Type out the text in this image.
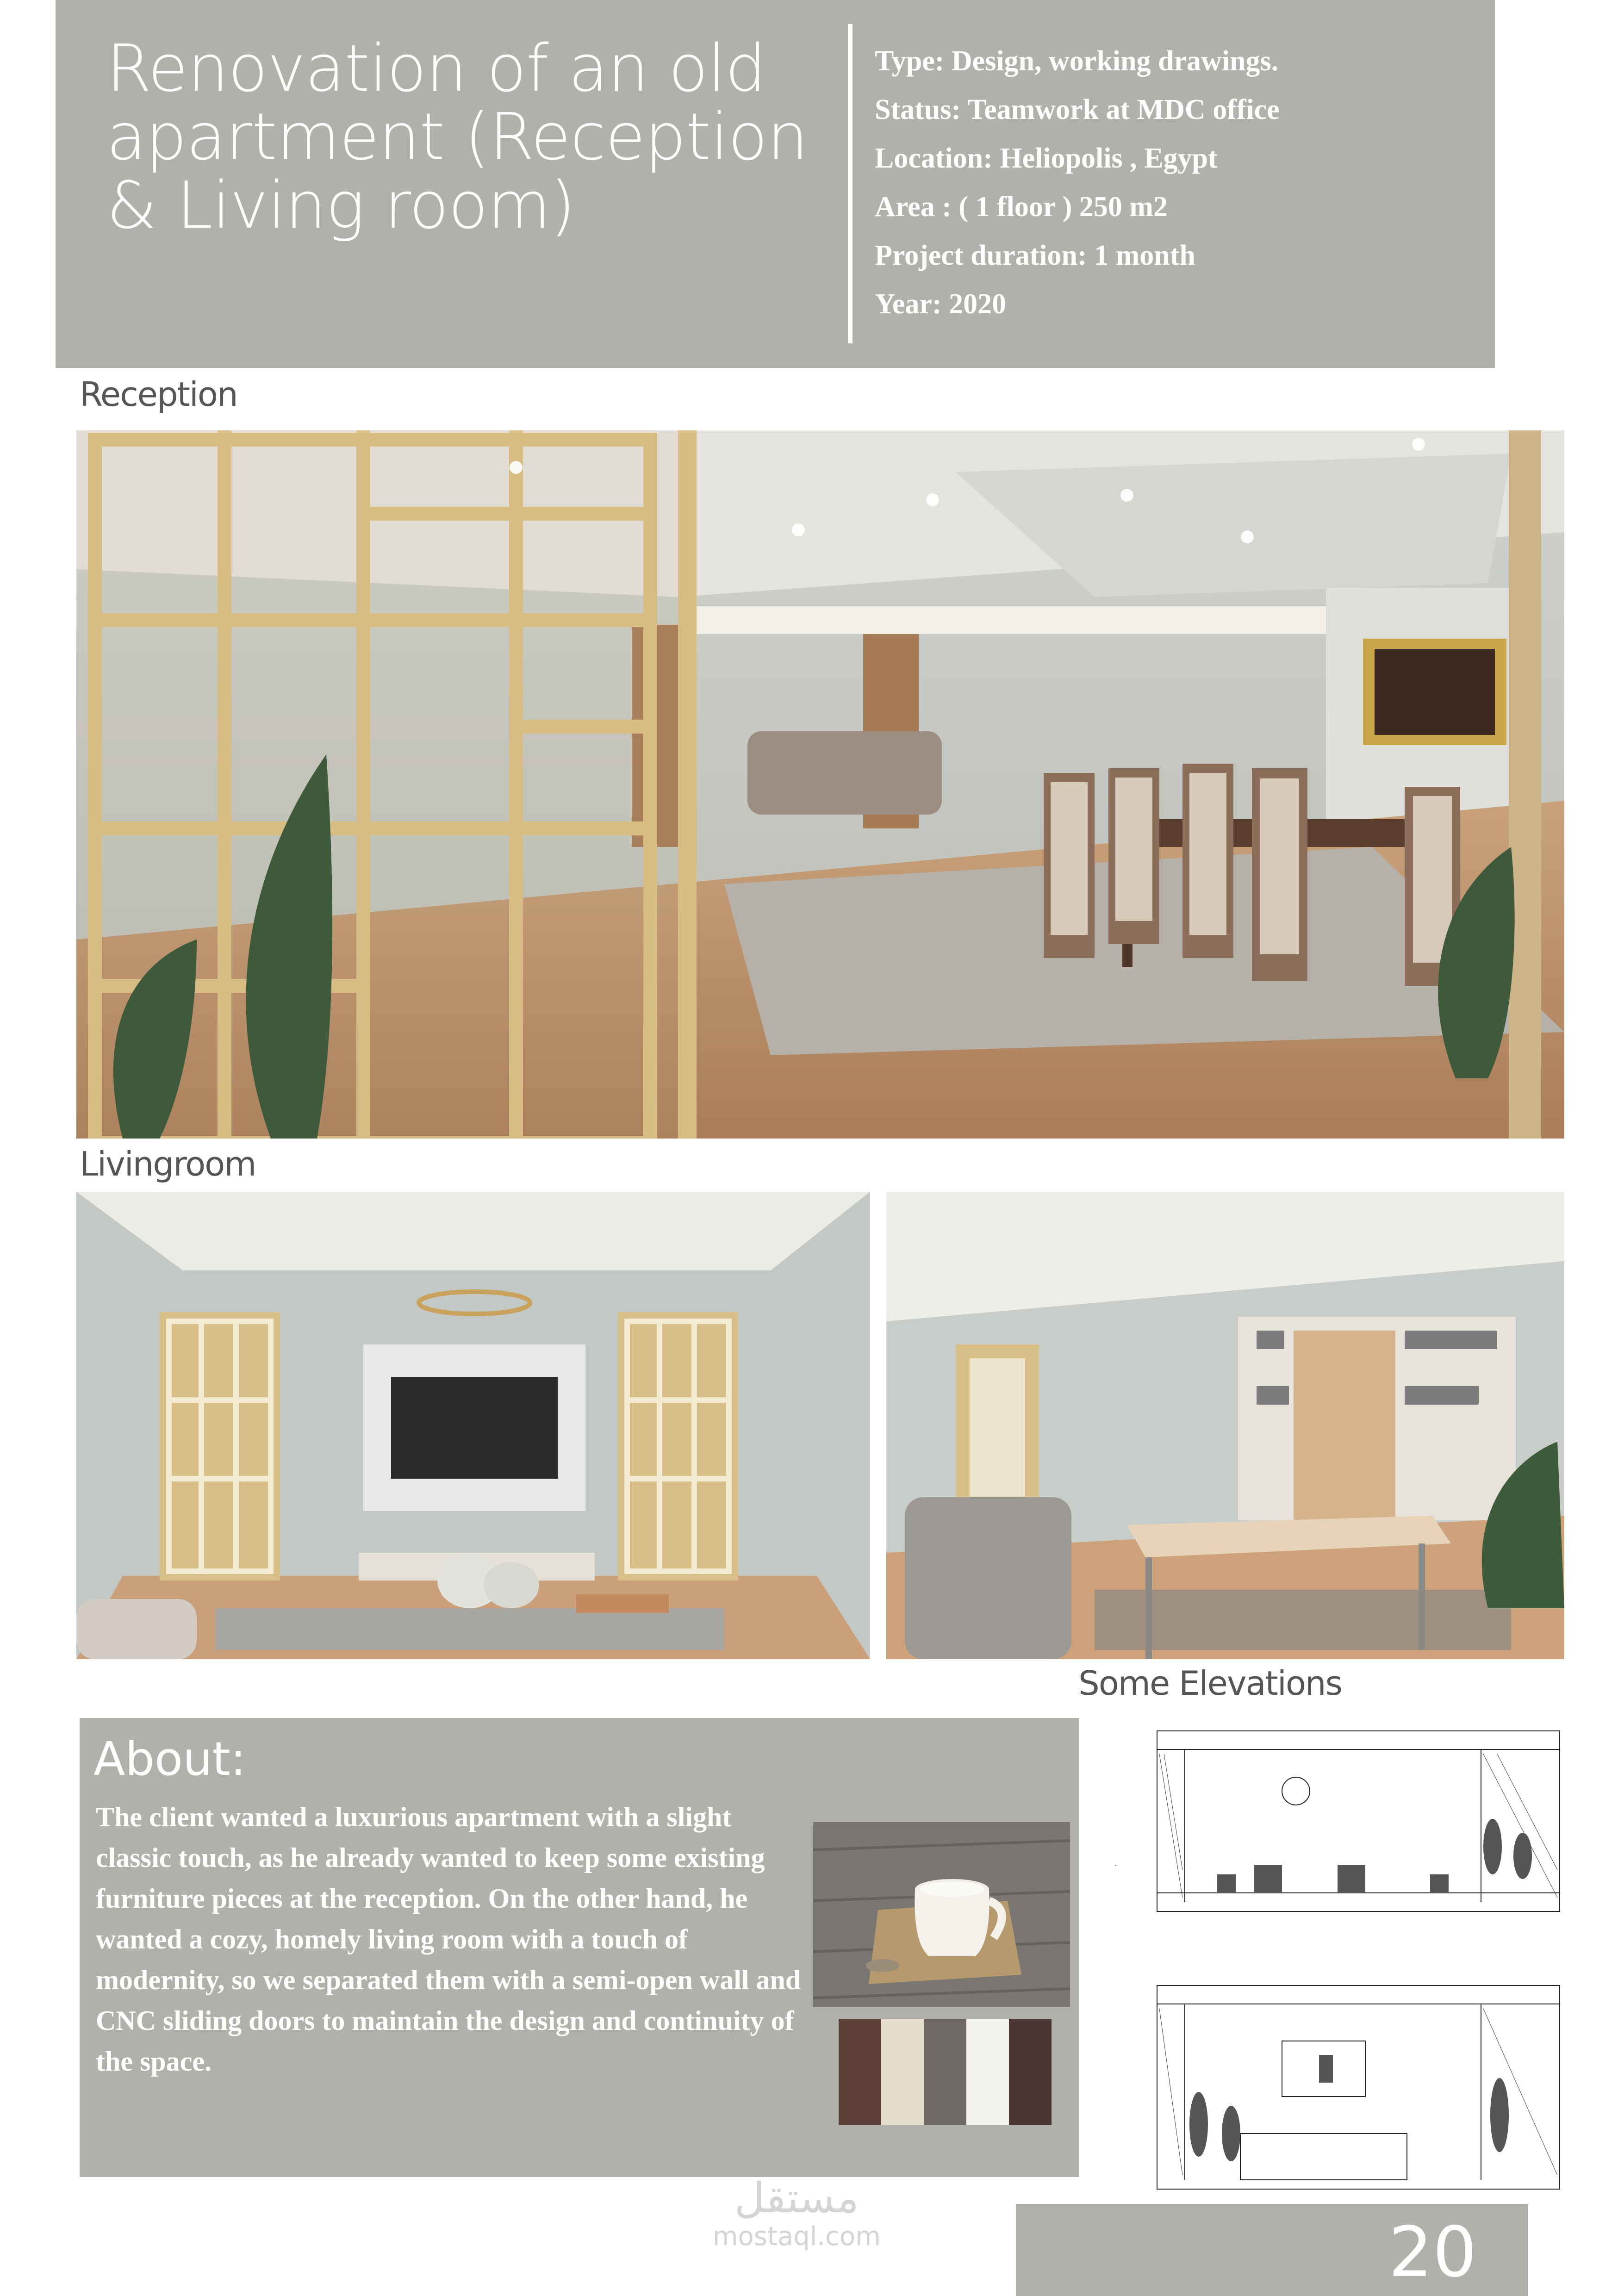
Renovation of an old apartment (Reception & Living room)
Type: Design, working drawings.
Status: Teamwork at MDC office
Location: Heliopolis , Egypt
Area : ( 1 floor ) 250 m2
Project duration: 1 month
Year: 2020
Reception
Livingroom
Some Elevations
About:
The client wanted a luxurious apartment with a slight classic touch, as he already wanted to keep some existing furniture pieces at the reception. On the other hand, he wanted a cozy, homely living room with a touch of modernity, so we separated them with a semi-open wall and CNC sliding doors to maintain the design and continuity of the space.
مستقل
mostaql.com	20
